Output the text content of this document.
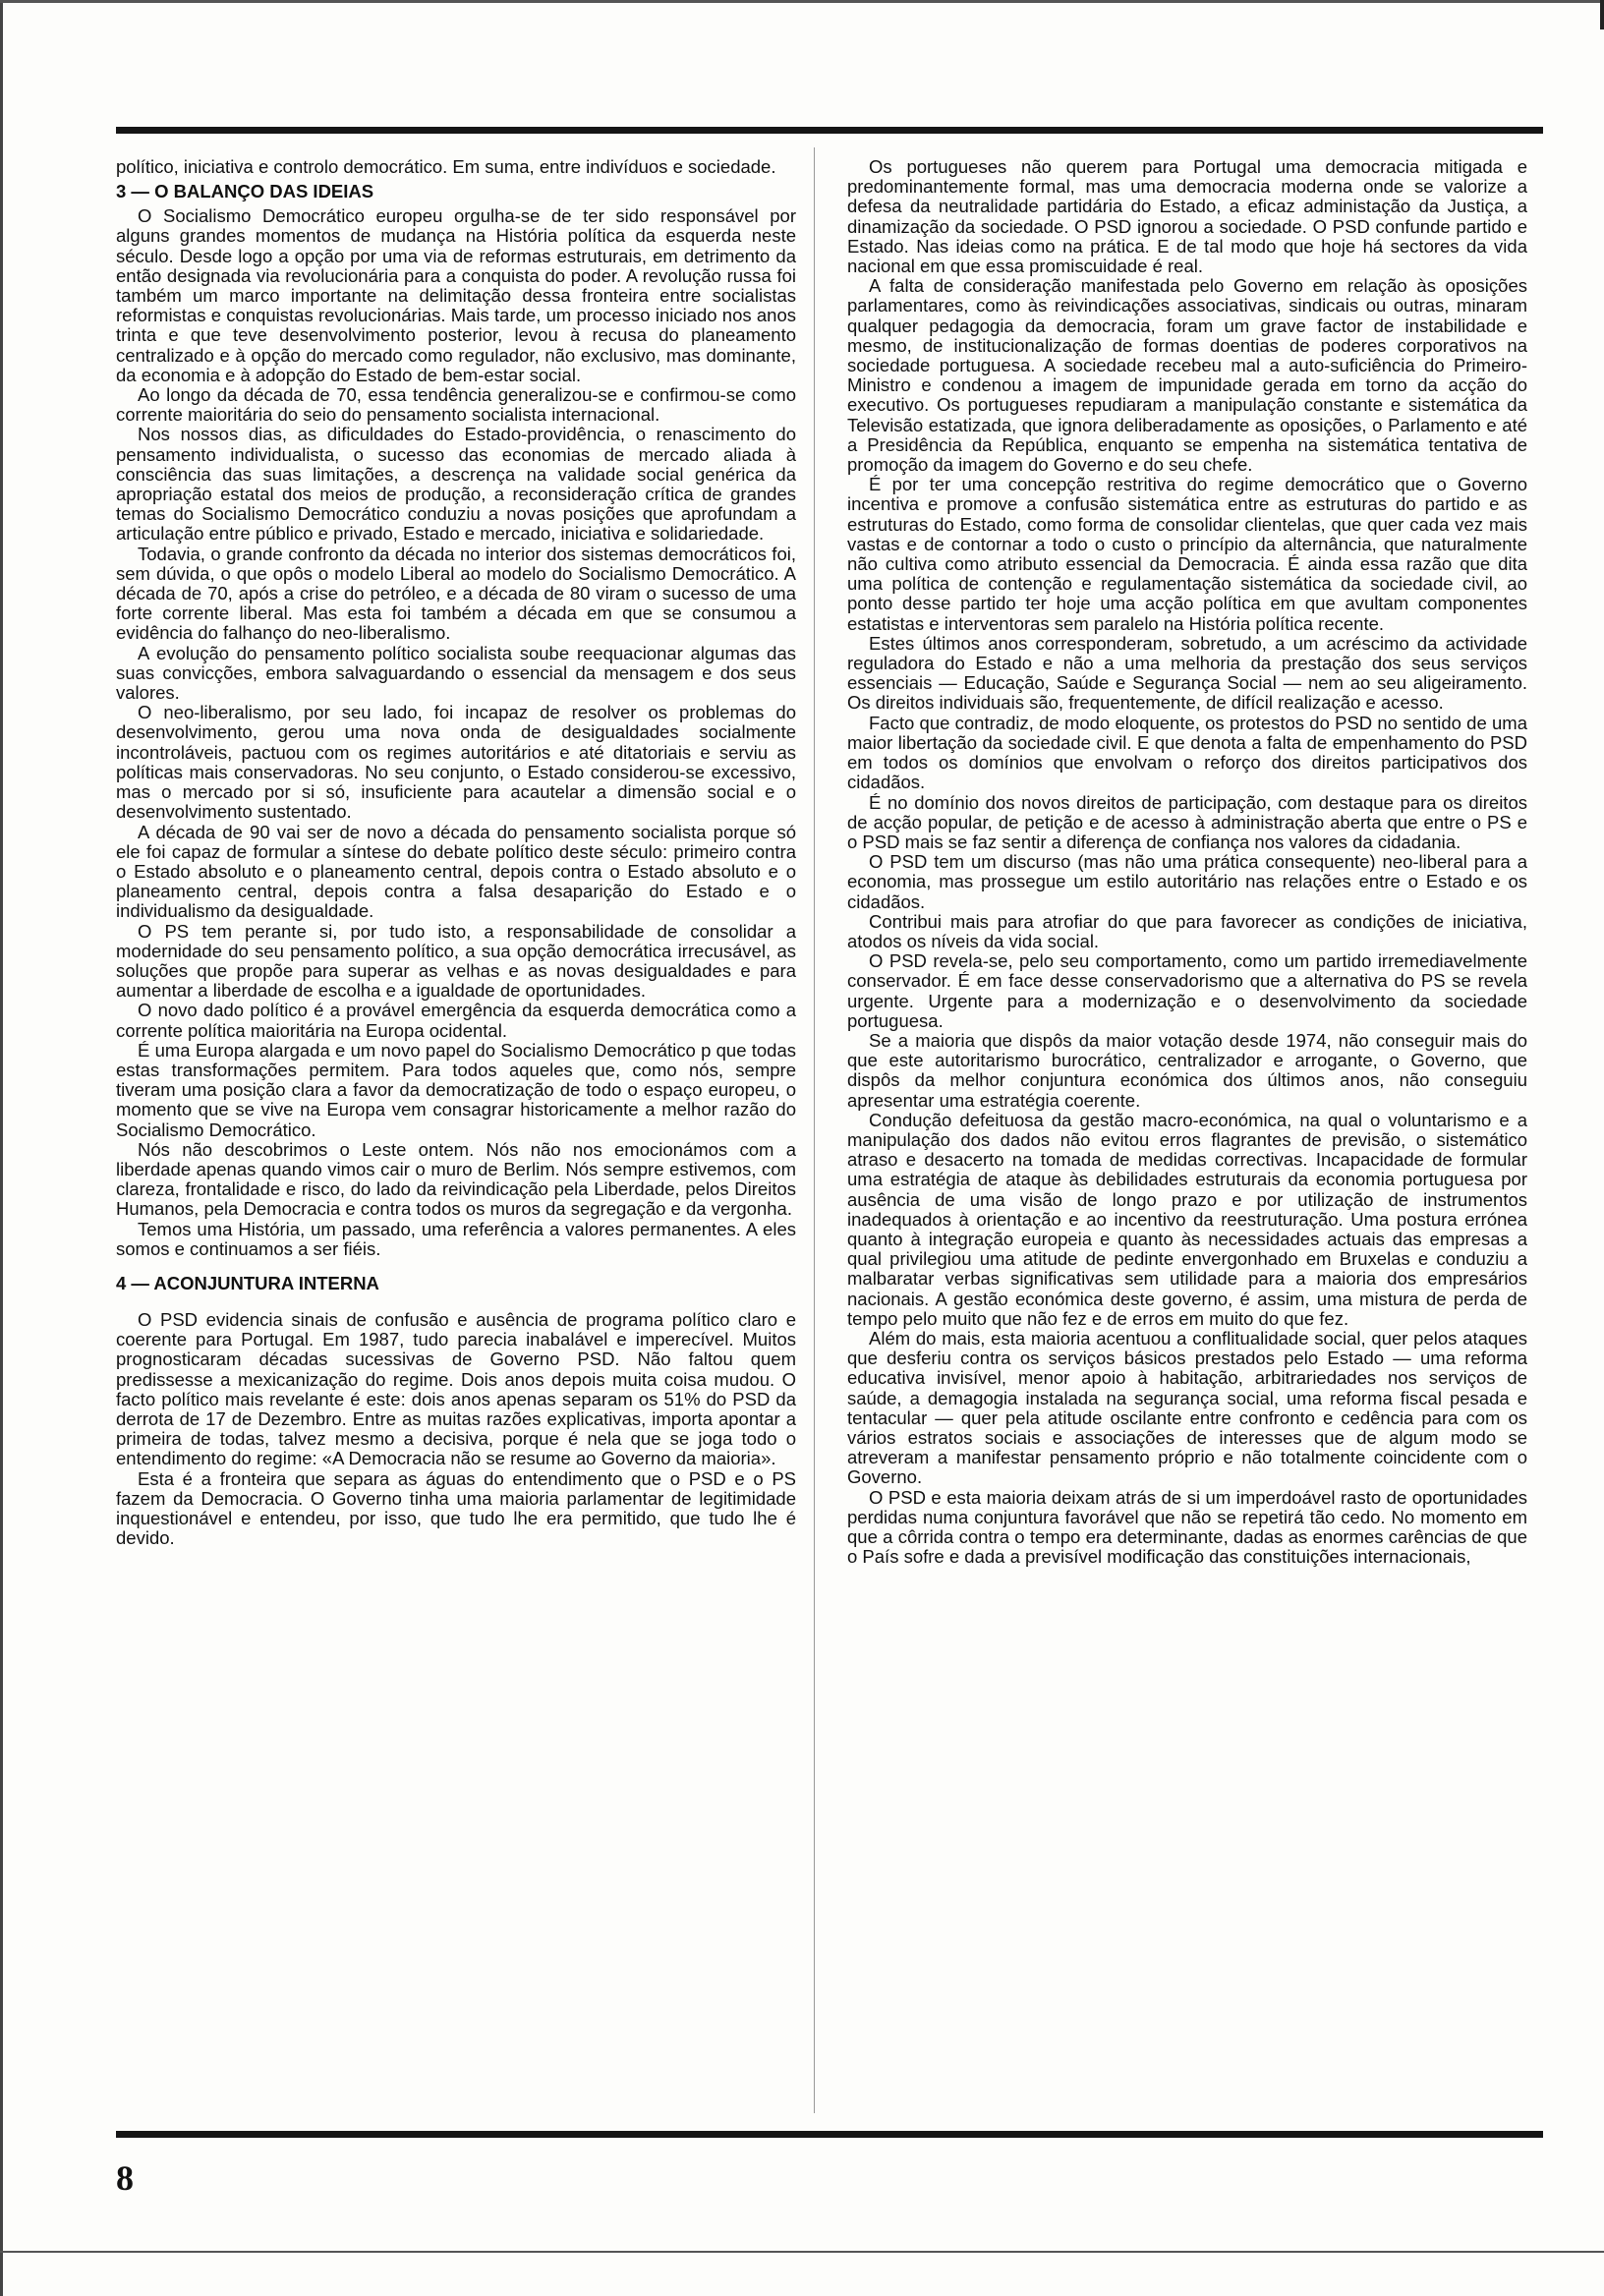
político, iniciativa e controlo democrático. Em suma, entre indivíduos e sociedade.

3 — O BALANÇO DAS IDEIAS

O Socialismo Democrático europeu orgulha-se de ter sido responsável por alguns grandes momentos de mudança na História política da esquerda neste século. Desde logo a opção por uma via de reformas estruturais, em detrimento da então designada via revolucionária para a conquista do poder. A revolução russa foi também um marco importante na delimitação dessa fronteira entre socialistas reformistas e conquistas revolucionárias. Mais tarde, um processo iniciado nos anos trinta e que teve desenvolvimento posterior, levou à recusa do planeamento centralizado e à opção do mercado como regulador, não exclusivo, mas dominante, da economia e à adopção do Estado de bem-estar social.

Ao longo da década de 70, essa tendência generalizou-se e confirmou-se como corrente maioritária do seio do pensamento socialista internacional.

Nos nossos dias, as dificuldades do Estado-providência, o renascimento do pensamento individualista, o sucesso das economias de mercado aliada à consciência das suas limitações, a descrença na validade social genérica da apropriação estatal dos meios de produção, a reconsideração crítica de grandes temas do Socialismo Democrático conduziu a novas posições que aprofundam a articulação entre público e privado, Estado e mercado, iniciativa e solidariedade.

Todavia, o grande confronto da década no interior dos sistemas democráticos foi, sem dúvida, o que opôs o modelo Liberal ao modelo do Socialismo Democrático. A década de 70, após a crise do petróleo, e a década de 80 viram o sucesso de uma forte corrente liberal. Mas esta foi também a década em que se consumou a evidência do falhanço do neo-liberalismo.

A evolução do pensamento político socialista soube reequacionar algumas das suas convicções, embora salvaguardando o essencial da mensagem e dos seus valores.

O neo-liberalismo, por seu lado, foi incapaz de resolver os problemas do desenvolvimento, gerou uma nova onda de desigualdades socialmente incontroláveis, pactuou com os regimes autoritários e até ditatoriais e serviu as políticas mais conservadoras. No seu conjunto, o Estado considerou-se excessivo, mas o mercado por si só, insuficiente para acautelar a dimensão social e o desenvolvimento sustentado.

A década de 90 vai ser de novo a década do pensamento socialista porque só ele foi capaz de formular a síntese do debate político deste século: primeiro contra o Estado absoluto e o planeamento central, depois contra o Estado absoluto e o planeamento central, depois contra a falsa desaparição do Estado e o individualismo da desigualdade.

O PS tem perante si, por tudo isto, a responsabilidade de consolidar a modernidade do seu pensamento político, a sua opção democrática irrecusável, as soluções que propõe para superar as velhas e as novas desigualdades e para aumentar a liberdade de escolha e a igualdade de oportunidades.

O novo dado político é a provável emergência da esquerda democrática como a corrente política maioritária na Europa ocidental.

É uma Europa alargada e um novo papel do Socialismo Democrático p que todas estas transformações permitem. Para todos aqueles que, como nós, sempre tiveram uma posição clara a favor da democratização de todo o espaço europeu, o momento que se vive na Europa vem consagrar historicamente a melhor razão do Socialismo Democrático.

Nós não descobrimos o Leste ontem. Nós não nos emocionámos com a liberdade apenas quando vimos cair o muro de Berlim. Nós sempre estivemos, com clareza, frontalidade e risco, do lado da reivindicação pela Liberdade, pelos Direitos Humanos, pela Democracia e contra todos os muros da segregação e da vergonha.

Temos uma História, um passado, uma referência a valores permanentes. A eles somos e continuamos a ser fiéis.

4 — ACONJUNTURA INTERNA

O PSD evidencia sinais de confusão e ausência de programa político claro e coerente para Portugal. Em 1987, tudo parecia inabalável e imperecível. Muitos prognosticaram décadas sucessivas de Governo PSD. Não faltou quem predissesse a mexicanização do regime. Dois anos depois muita coisa mudou. O facto político mais revelante é este: dois anos apenas separam os 51% do PSD da derrota de 17 de Dezembro. Entre as muitas razões explicativas, importa apontar a primeira de todas, talvez mesmo a decisiva, porque é nela que se joga todo o entendimento do regime: «A Democracia não se resume ao Governo da maioria».

Esta é a fronteira que separa as águas do entendimento que o PSD e o PS fazem da Democracia. O Governo tinha uma maioria parlamentar de legitimidade inquestionável e entendeu, por isso, que tudo lhe era permitido, que tudo lhe é devido.

Os portugueses não querem para Portugal uma democracia mitigada e predominantemente formal, mas uma democracia moderna onde se valorize a defesa da neutralidade partidária do Estado, a eficaz administação da Justiça, a dinamização da sociedade. O PSD ignorou a sociedade. O PSD confunde partido e Estado. Nas ideias como na prática. E de tal modo que hoje há sectores da vida nacional em que essa promiscuidade é real.

A falta de consideração manifestada pelo Governo em relação às oposições parlamentares, como às reivindicações associativas, sindicais ou outras, minaram qualquer pedagogia da democracia, foram um grave factor de instabilidade e mesmo, de institucionalização de formas doentias de poderes corporativos na sociedade portuguesa. A sociedade recebeu mal a auto-suficiência do Primeiro-Ministro e condenou a imagem de impunidade gerada em torno da acção do executivo. Os portugueses repudiaram a manipulação constante e sistemática da Televisão estatizada, que ignora deliberadamente as oposições, o Parlamento e até a Presidência da República, enquanto se empenha na sistemática tentativa de promoção da imagem do Governo e do seu chefe.

É por ter uma concepção restritiva do regime democrático que o Governo incentiva e promove a confusão sistemática entre as estruturas do partido e as estruturas do Estado, como forma de consolidar clientelas, que quer cada vez mais vastas e de contornar a todo o custo o princípio da alternância, que naturalmente não cultiva como atributo essencial da Democracia. É ainda essa razão que dita uma política de contenção e regulamentação sistemática da sociedade civil, ao ponto desse partido ter hoje uma acção política em que avultam componentes estatistas e interventoras sem paralelo na História política recente.

Estes últimos anos corresponderam, sobretudo, a um acréscimo da actividade reguladora do Estado e não a uma melhoria da prestação dos seus serviços essenciais — Educação, Saúde e Segurança Social — nem ao seu aligeiramento. Os direitos individuais são, frequentemente, de difícil realização e acesso.

Facto que contradiz, de modo eloquente, os protestos do PSD no sentido de uma maior libertação da sociedade civil. E que denota a falta de empenhamento do PSD em todos os domínios que envolvam o reforço dos direitos participativos dos cidadãos.

É no domínio dos novos direitos de participação, com destaque para os direitos de acção popular, de petição e de acesso à administração aberta que entre o PS e o PSD mais se faz sentir a diferença de confiança nos valores da cidadania.

O PSD tem um discurso (mas não uma prática consequente) neo-liberal para a economia, mas prossegue um estilo autoritário nas relações entre o Estado e os cidadãos.

Contribui mais para atrofiar do que para favorecer as condições de iniciativa, atodos os níveis da vida social.

O PSD revela-se, pelo seu comportamento, como um partido irremediavelmente conservador. É em face desse conservadorismo que a alternativa do PS se revela urgente. Urgente para a modernização e o desenvolvimento da sociedade portuguesa.

Se a maioria que dispôs da maior votação desde 1974, não conseguir mais do que este autoritarismo burocrático, centralizador e arrogante, o Governo, que dispôs da melhor conjuntura económica dos últimos anos, não conseguiu apresentar uma estratégia coerente.

Condução defeituosa da gestão macro-económica, na qual o voluntarismo e a manipulação dos dados não evitou erros flagrantes de previsão, o sistemático atraso e desacerto na tomada de medidas correctivas. Incapacidade de formular uma estratégia de ataque às debilidades estruturais da economia portuguesa por ausência de uma visão de longo prazo e por utilização de instrumentos inadequados à orientação e ao incentivo da reestruturação. Uma postura errónea quanto à integração europeia e quanto às necessidades actuais das empresas a qual privilegiou uma atitude de pedinte envergonhado em Bruxelas e conduziu a malbaratar verbas significativas sem utilidade para a maioria dos empresários nacionais. A gestão económica deste governo, é assim, uma mistura de perda de tempo pelo muito que não fez e de erros em muito do que fez.

Além do mais, esta maioria acentuou a conflitualidade social, quer pelos ataques que desferiu contra os serviços básicos prestados pelo Estado — uma reforma educativa invisível, menor apoio à habitação, arbitrariedades nos serviços de saúde, a demagogia instalada na segurança social, uma reforma fiscal pesada e tentacular — quer pela atitude oscilante entre confronto e cedência para com os vários estratos sociais e associações de interesses que de algum modo se atreveram a manifestar pensamento próprio e não totalmente coincidente com o Governo.

O PSD e esta maioria deixam atrás de si um imperdoável rasto de oportunidades perdidas numa conjuntura favorável que não se repetirá tão cedo. No momento em que a côrrida contra o tempo era determinante, dadas as enormes carências de que o País sofre e dada a previsível modificação das constituições internacionais,

8
